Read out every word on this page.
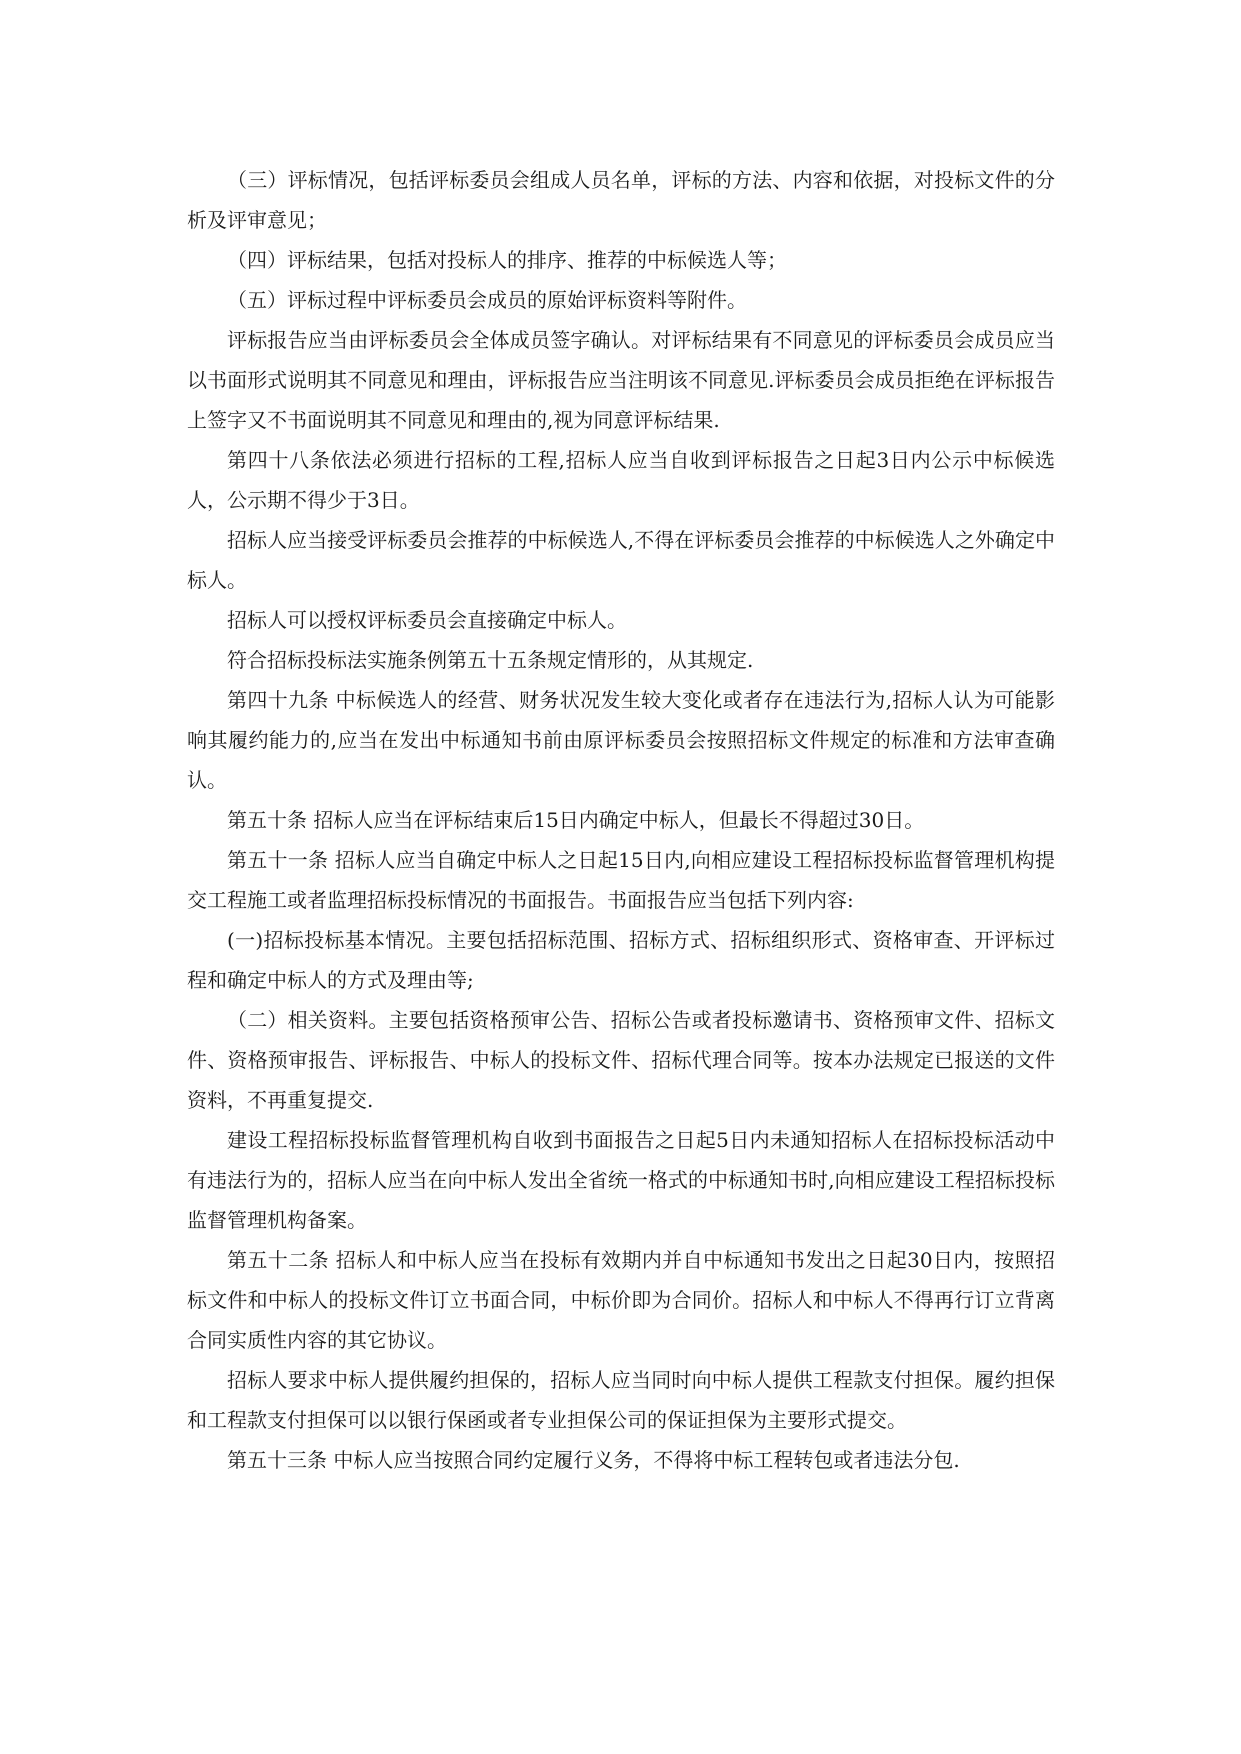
（三）评标情况，包括评标委员会组成人员名单，评标的方法、内容和依据，对投标文件的分析及评审意见；

（四）评标结果，包括对投标人的排序、推荐的中标候选人等；

（五）评标过程中评标委员会成员的原始评标资料等附件。

评标报告应当由评标委员会全体成员签字确认。对评标结果有不同意见的评标委员会成员应当以书面形式说明其不同意见和理由，评标报告应当注明该不同意见.评标委员会成员拒绝在评标报告上签字又不书面说明其不同意见和理由的,视为同意评标结果.

第四十八条依法必须进行招标的工程,招标人应当自收到评标报告之日起3日内公示中标候选人，公示期不得少于3日。

招标人应当接受评标委员会推荐的中标候选人,不得在评标委员会推荐的中标候选人之外确定中标人。

招标人可以授权评标委员会直接确定中标人。

符合招标投标法实施条例第五十五条规定情形的，从其规定.

第四十九条 中标候选人的经营、财务状况发生较大变化或者存在违法行为,招标人认为可能影响其履约能力的,应当在发出中标通知书前由原评标委员会按照招标文件规定的标准和方法审查确认。

第五十条 招标人应当在评标结束后15日内确定中标人，但最长不得超过30日。

第五十一条 招标人应当自确定中标人之日起15日内,向相应建设工程招标投标监督管理机构提交工程施工或者监理招标投标情况的书面报告。书面报告应当包括下列内容:

(一)招标投标基本情况。主要包括招标范围、招标方式、招标组织形式、资格审查、开评标过程和确定中标人的方式及理由等;

（二）相关资料。主要包括资格预审公告、招标公告或者投标邀请书、资格预审文件、招标文件、资格预审报告、评标报告、中标人的投标文件、招标代理合同等。按本办法规定已报送的文件资料，不再重复提交.

建设工程招标投标监督管理机构自收到书面报告之日起5日内未通知招标人在招标投标活动中有违法行为的，招标人应当在向中标人发出全省统一格式的中标通知书时,向相应建设工程招标投标监督管理机构备案。

第五十二条 招标人和中标人应当在投标有效期内并自中标通知书发出之日起30日内，按照招标文件和中标人的投标文件订立书面合同，中标价即为合同价。招标人和中标人不得再行订立背离合同实质性内容的其它协议。

招标人要求中标人提供履约担保的，招标人应当同时向中标人提供工程款支付担保。履约担保和工程款支付担保可以以银行保函或者专业担保公司的保证担保为主要形式提交。

第五十三条 中标人应当按照合同约定履行义务，不得将中标工程转包或者违法分包.
